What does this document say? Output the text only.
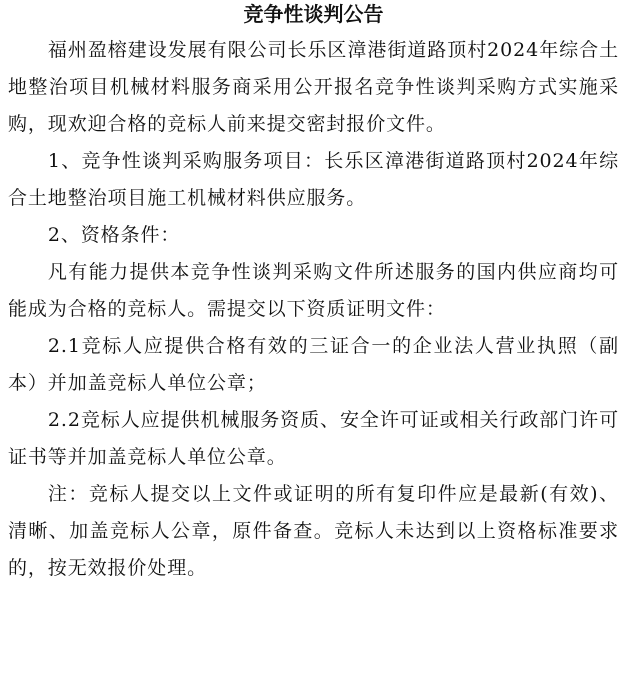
竞争性谈判公告

福州盈榕建设发展有限公司长乐区漳港街道路顶村2024年综合土地整治项目机械材料服务商采用公开报名竞争性谈判采购方式实施采购，现欢迎合格的竞标人前来提交密封报价文件。

1、竞争性谈判采购服务项目：长乐区漳港街道路顶村2024年综合土地整治项目施工机械材料供应服务。

2、资格条件：

凡有能力提供本竞争性谈判采购文件所述服务的国内供应商均可能成为合格的竞标人。需提交以下资质证明文件：

2.1竞标人应提供合格有效的三证合一的企业法人营业执照（副本）并加盖竞标人单位公章；

2.2竞标人应提供机械服务资质、安全许可证或相关行政部门许可证书等并加盖竞标人单位公章。

注：竞标人提交以上文件或证明的所有复印件应是最新(有效)、清晰、加盖竞标人公章，原件备查。竞标人未达到以上资格标准要求的，按无效报价处理。
